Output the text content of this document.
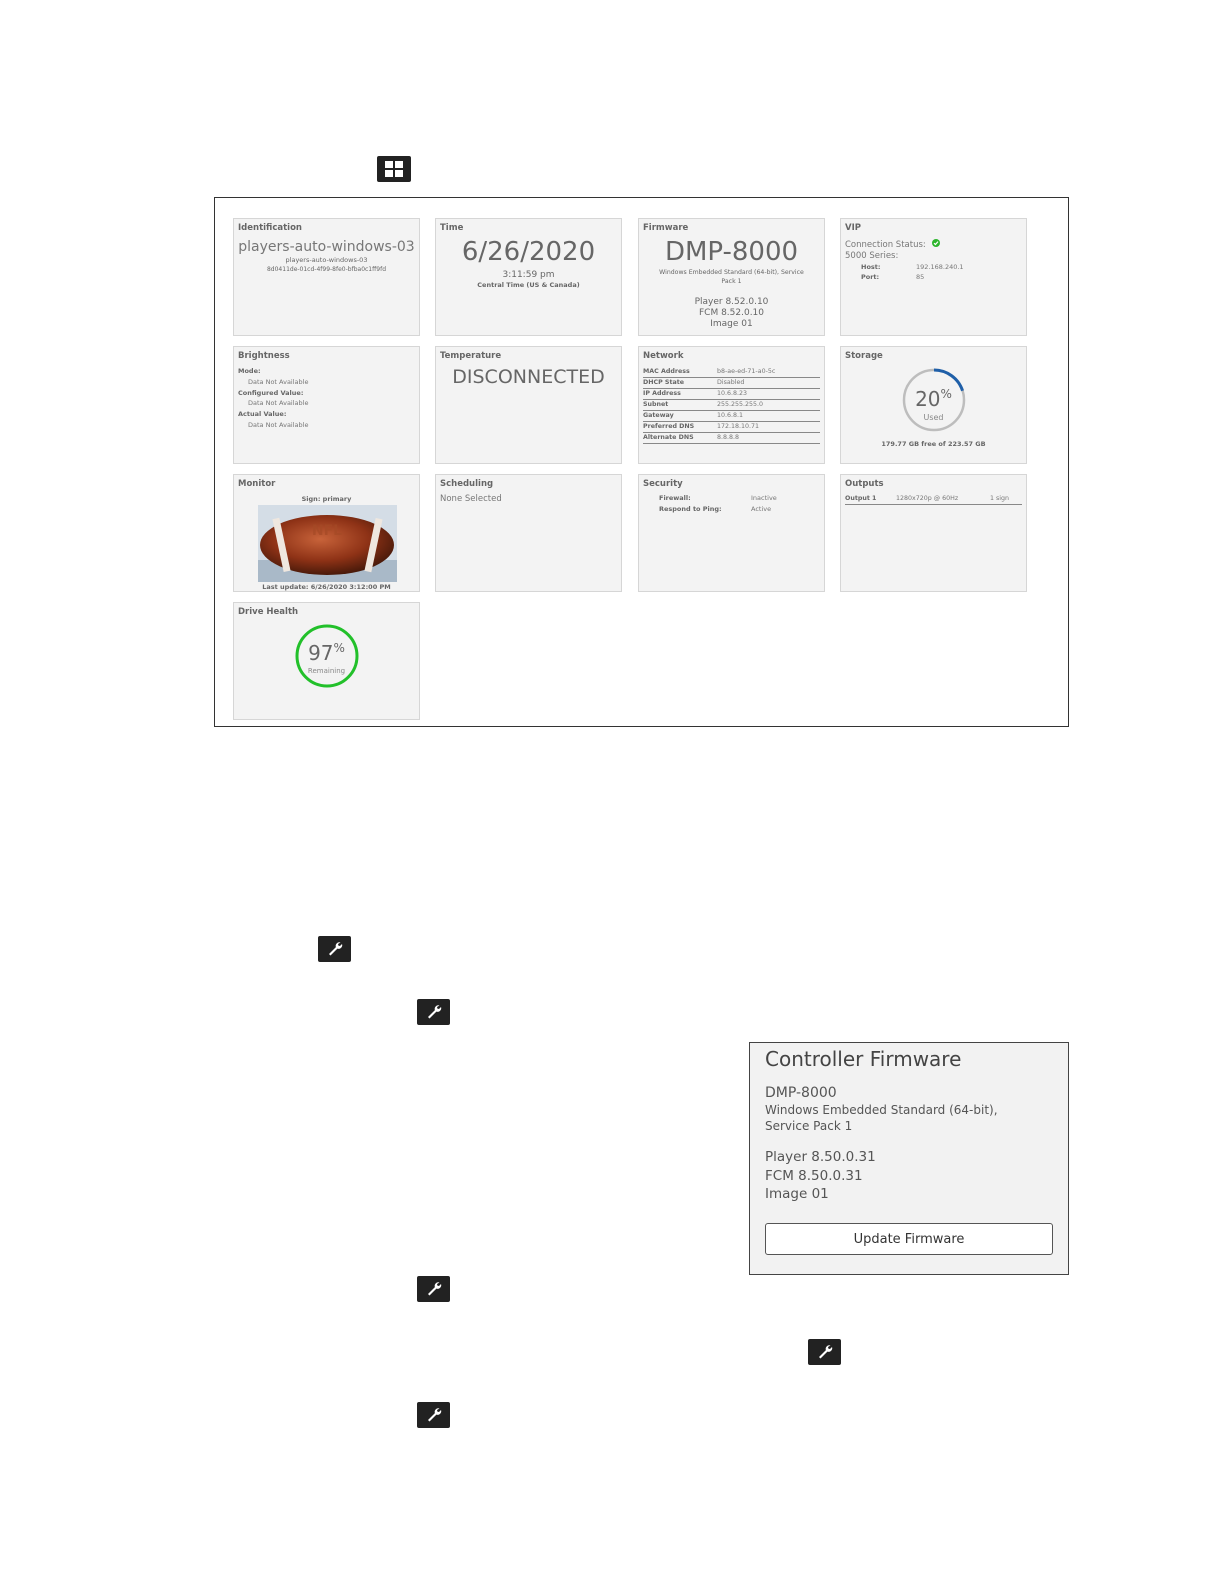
Identification
players-auto-windows-03
players-auto-windows-03
8d0411de-01cd-4f99-8fe0-bfba0c1ff9fd
Time
6/26/2020
3:11:59 pm
Central Time (US & Canada)
Firmware
DMP-8000
Windows Embedded Standard (64-bit), Service
Pack 1
Player 8.52.0.10
FCM 8.52.0.10
Image 01
VIP
Connection Status:
5000 Series:
Host:	192.168.240.1
Port:	85
Brightness
Mode:
Data Not Available
Configured Value:
Data Not Available
Actual Value:
Data Not Available
Temperature
DISCONNECTED
Network
MAC Address	b8-ae-ed-71-a0-5c
DHCP State	Disabled
IP Address	10.6.8.23
Subnet	255.255.255.0
Gateway	10.6.8.1
Preferred DNS	172.18.10.71
Alternate DNS	8.8.8.8
Storage
20%
Used
179.77 GB free of 223.57 GB
Monitor
Sign: primary
NFL
Last update: 6/26/2020 3:12:00 PM
Scheduling
None Selected
Security
Firewall:	Inactive
Respond to Ping:	Active
Outputs
Output 1	1280x720p @ 60Hz	1 sign
Drive Health
97%
Remaining
Controller Firmware
DMP-8000
Windows Embedded Standard (64-bit),
Service Pack 1
Player 8.50.0.31
FCM 8.50.0.31
Image 01
Update Firmware
